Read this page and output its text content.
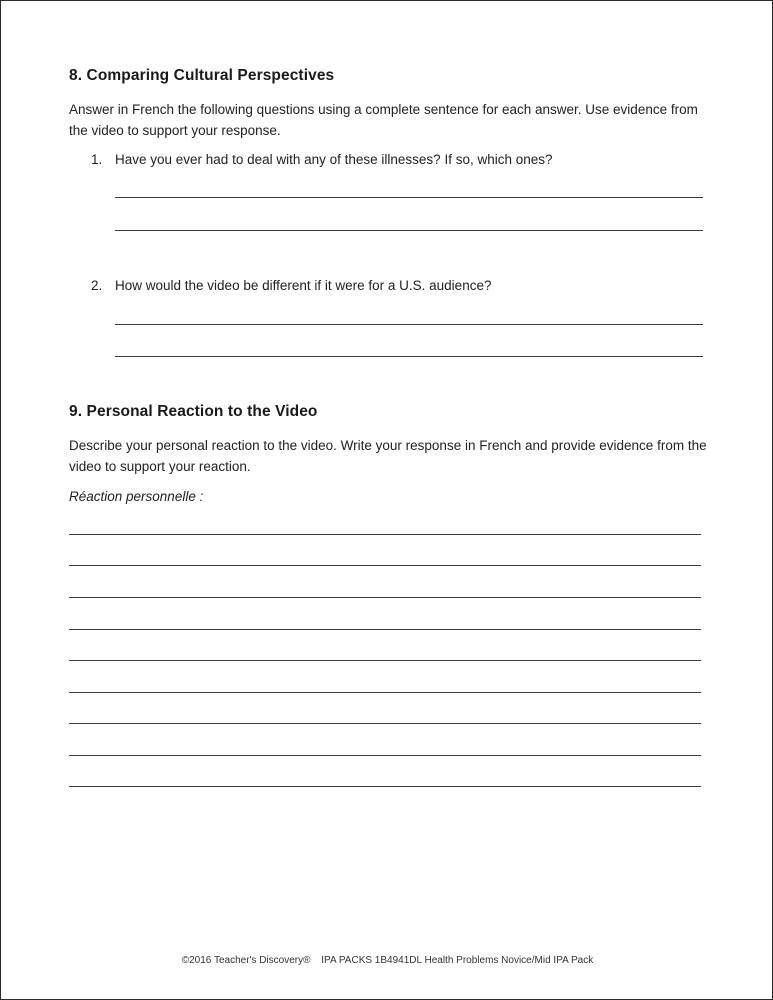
8. Comparing Cultural Perspectives
Answer in French the following questions using a complete sentence for each answer. Use evidence from the video to support your response.
1. Have you ever had to deal with any of these illnesses? If so, which ones?
2. How would the video be different if it were for a U.S. audience?
9. Personal Reaction to the Video
Describe your personal reaction to the video. Write your response in French and provide evidence from the video to support your reaction.
Réaction personnelle :
©2016 Teacher's Discovery® IPA PACKS 1B4941DL Health Problems Novice/Mid IPA Pack
